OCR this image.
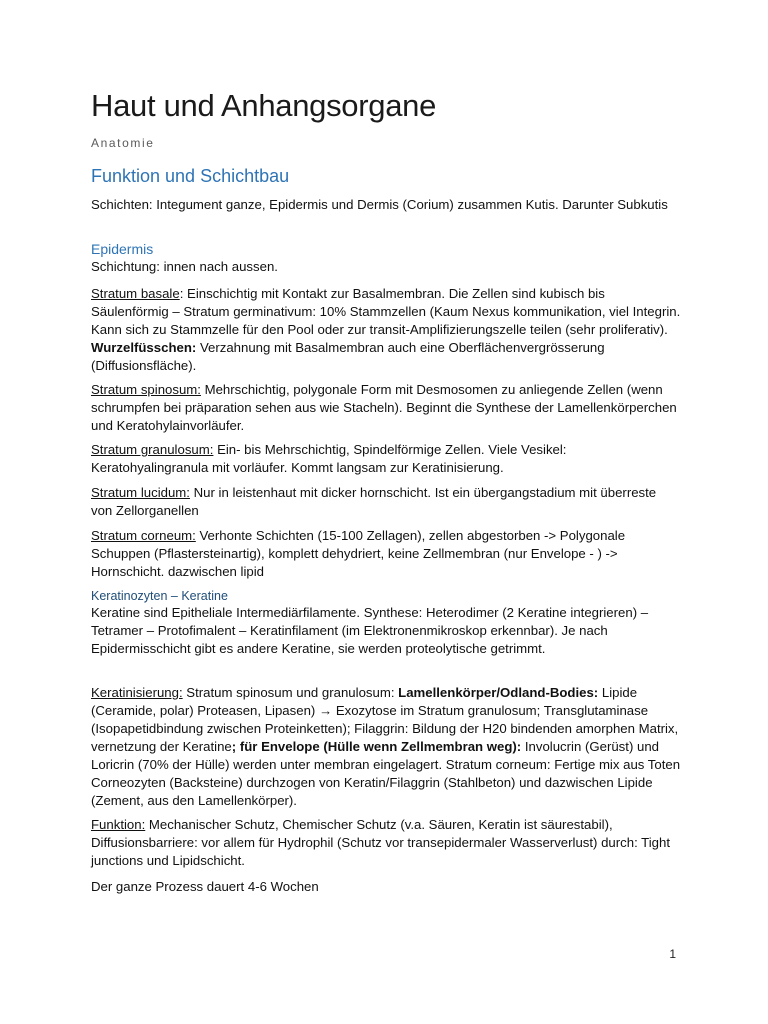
Haut und Anhangsorgane
Anatomie
Funktion und Schichtbau

Schichten: Integument ganze, Epidermis und Dermis (Corium) zusammen Kutis. Darunter Subkutis

Epidermis

Schichtung: innen nach aussen.

Stratum basale: Einschichtig mit Kontakt zur Basalmembran. Die Zellen sind kubisch bis Säulenförmig – Stratum germinativum: 10% Stammzellen (Kaum Nexus kommunikation, viel Integrin. Kann sich zu Stammzelle für den Pool oder zur transit-Amplifizierungszelle teilen (sehr proliferativ). Wurzelfüsschen: Verzahnung mit Basalmembran auch eine Oberflächenvergrösserung (Diffusionsfläche).

Stratum spinosum: Mehrschichtig, polygonale Form mit Desmosomen zu anliegende Zellen (wenn schrumpfen bei präparation sehen aus wie Stacheln). Beginnt die Synthese der Lamellenkörperchen und Keratohylainvorläufer.

Stratum granulosum: Ein- bis Mehrschichtig, Spindelförmige Zellen. Viele Vesikel: Keratohyalingranula mit vorläufer. Kommt langsam zur Keratinisierung.

Stratum lucidum: Nur in leistenhaut mit dicker hornschicht. Ist ein übergangstadium mit überreste von Zellorganellen

Stratum corneum: Verhonte Schichten (15-100 Zellagen), zellen abgestorben -> Polygonale Schuppen (Pflastersteinartig), komplett dehydriert, keine Zellmembran (nur Envelope - ) -> Hornschicht. dazwischen lipid

Keratinozyten – Keratine

Keratine sind Epitheliale Intermediärfilamente. Synthese: Heterodimer (2 Keratine integrieren) – Tetramer – Protofimalent – Keratinfilament (im Elektronenmikroskop erkennbar). Je nach Epidermisschicht gibt es andere Keratine, sie werden proteolytische getrimmt.

Keratinisierung: Stratum spinosum und granulosum: Lamellenkörper/Odland-Bodies: Lipide (Ceramide, polar) Proteasen, Lipasen) → Exozytose im Stratum granulosum; Transglutaminase (Isopapetidbindung zwischen Proteinketten); Filaggrin: Bildung der H20 bindenden amorphen Matrix, vernetzung der Keratine; für Envelope (Hülle wenn Zellmembran weg): Involucrin (Gerüst) und Loricrin (70% der Hülle) werden unter membran eingelagert. Stratum corneum: Fertige mix aus Toten Corneozyten (Backsteine) durchzogen von Keratin/Filaggrin (Stahlbeton) und dazwischen Lipide (Zement, aus den Lamellenkörper).

Funktion: Mechanischer Schutz, Chemischer Schutz (v.a. Säuren, Keratin ist säurestabil), Diffusionsbarriere: vor allem für Hydrophil (Schutz vor transepidermaler Wasserverlust) durch: Tight junctions und Lipidschicht.

Der ganze Prozess dauert 4-6 Wochen

1
